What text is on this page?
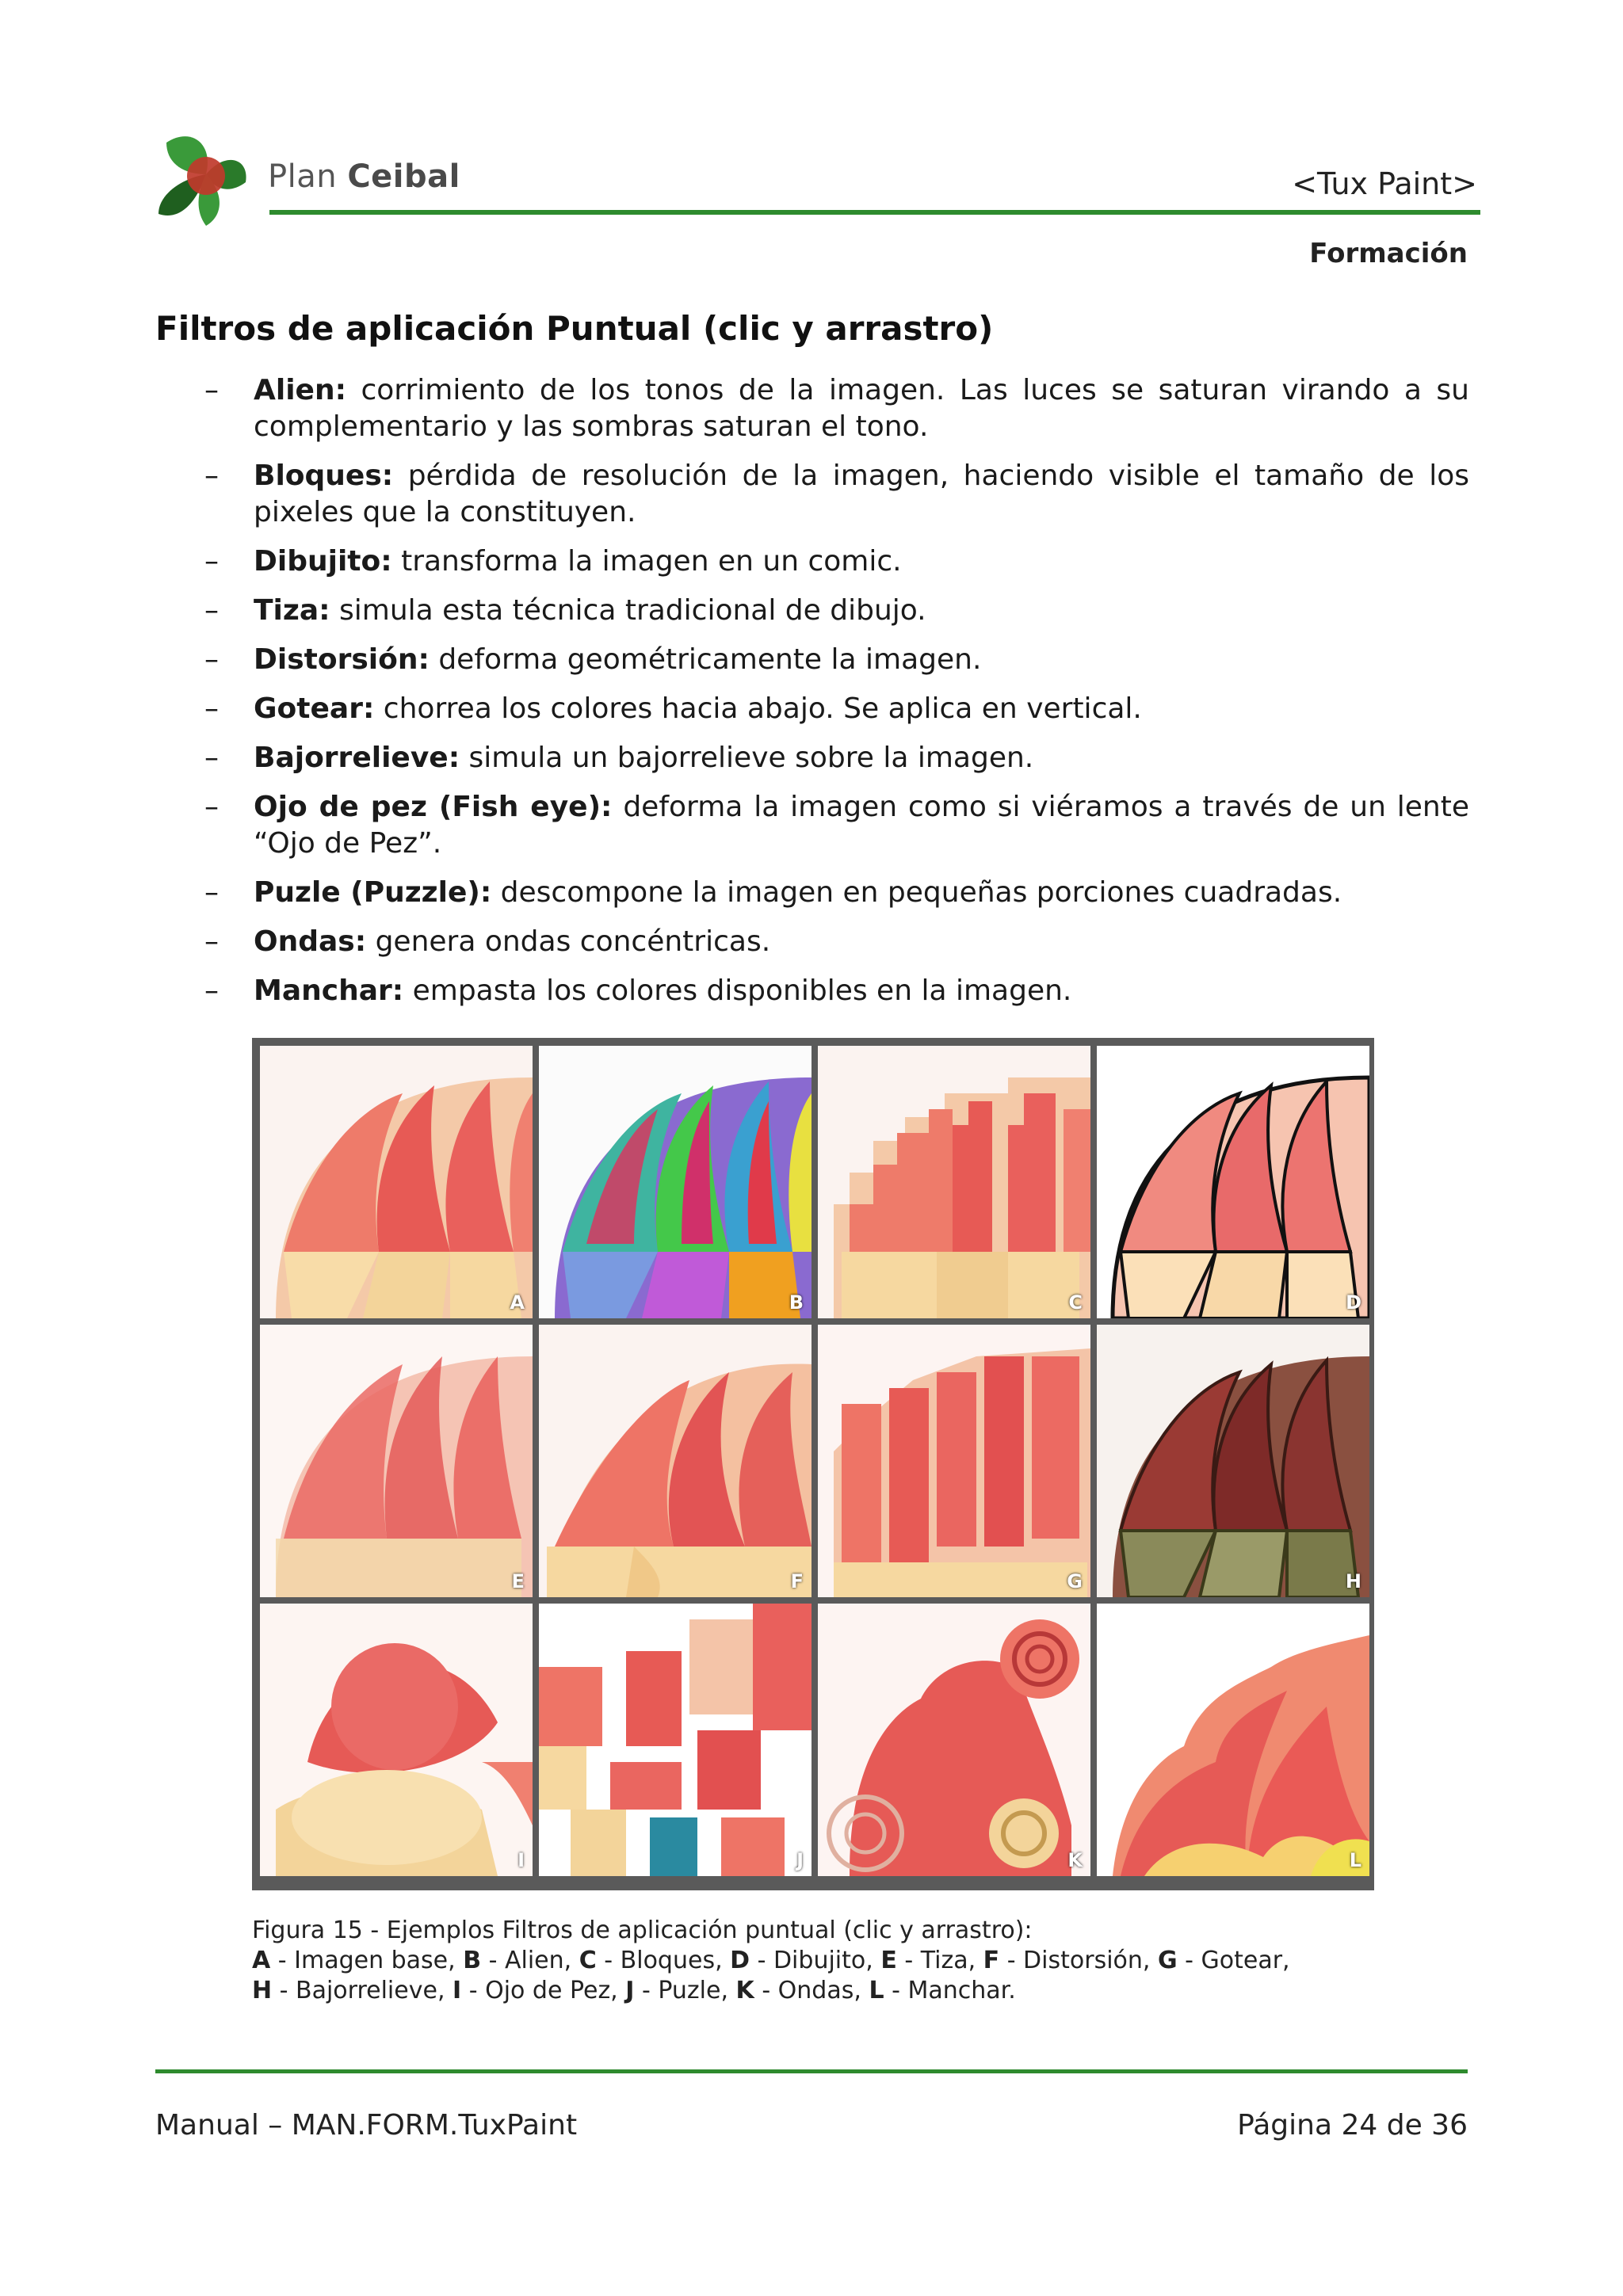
Plan Ceibal	<Tux Paint>
Formación
Filtros de aplicación Puntual (clic y arrastro)
– Alien: corrimiento de los tonos de la imagen. Las luces se saturan virando a su complementario y las sombras saturan el tono.
– Bloques: pérdida de resolución de la imagen, haciendo visible el tamaño de los pixeles que la constituyen.
– Dibujito: transforma la imagen en un comic.
– Tiza: simula esta técnica tradicional de dibujo.
– Distorsión: deforma geométricamente la imagen.
– Gotear: chorrea los colores hacia abajo. Se aplica en vertical.
– Bajorrelieve: simula un bajorrelieve sobre la imagen.
– Ojo de pez (Fish eye): deforma la imagen como si viéramos a través de un lente “Ojo de Pez”.
– Puzle (Puzzle): descompone la imagen en pequeñas porciones cuadradas.
– Ondas: genera ondas concéntricas.
– Manchar: empasta los colores disponibles en la imagen.
A	B	C	D
E	F	G	H
I	J	K	L
Figura 15 - Ejemplos Filtros de aplicación puntual (clic y arrastro):
A - Imagen base, B - Alien, C - Bloques, D - Dibujito, E - Tiza, F - Distorsión, G - Gotear,
H - Bajorrelieve, I - Ojo de Pez, J - Puzle, K - Ondas, L - Manchar.
Manual – MAN.FORM.TuxPaint	Página 24 de 36
